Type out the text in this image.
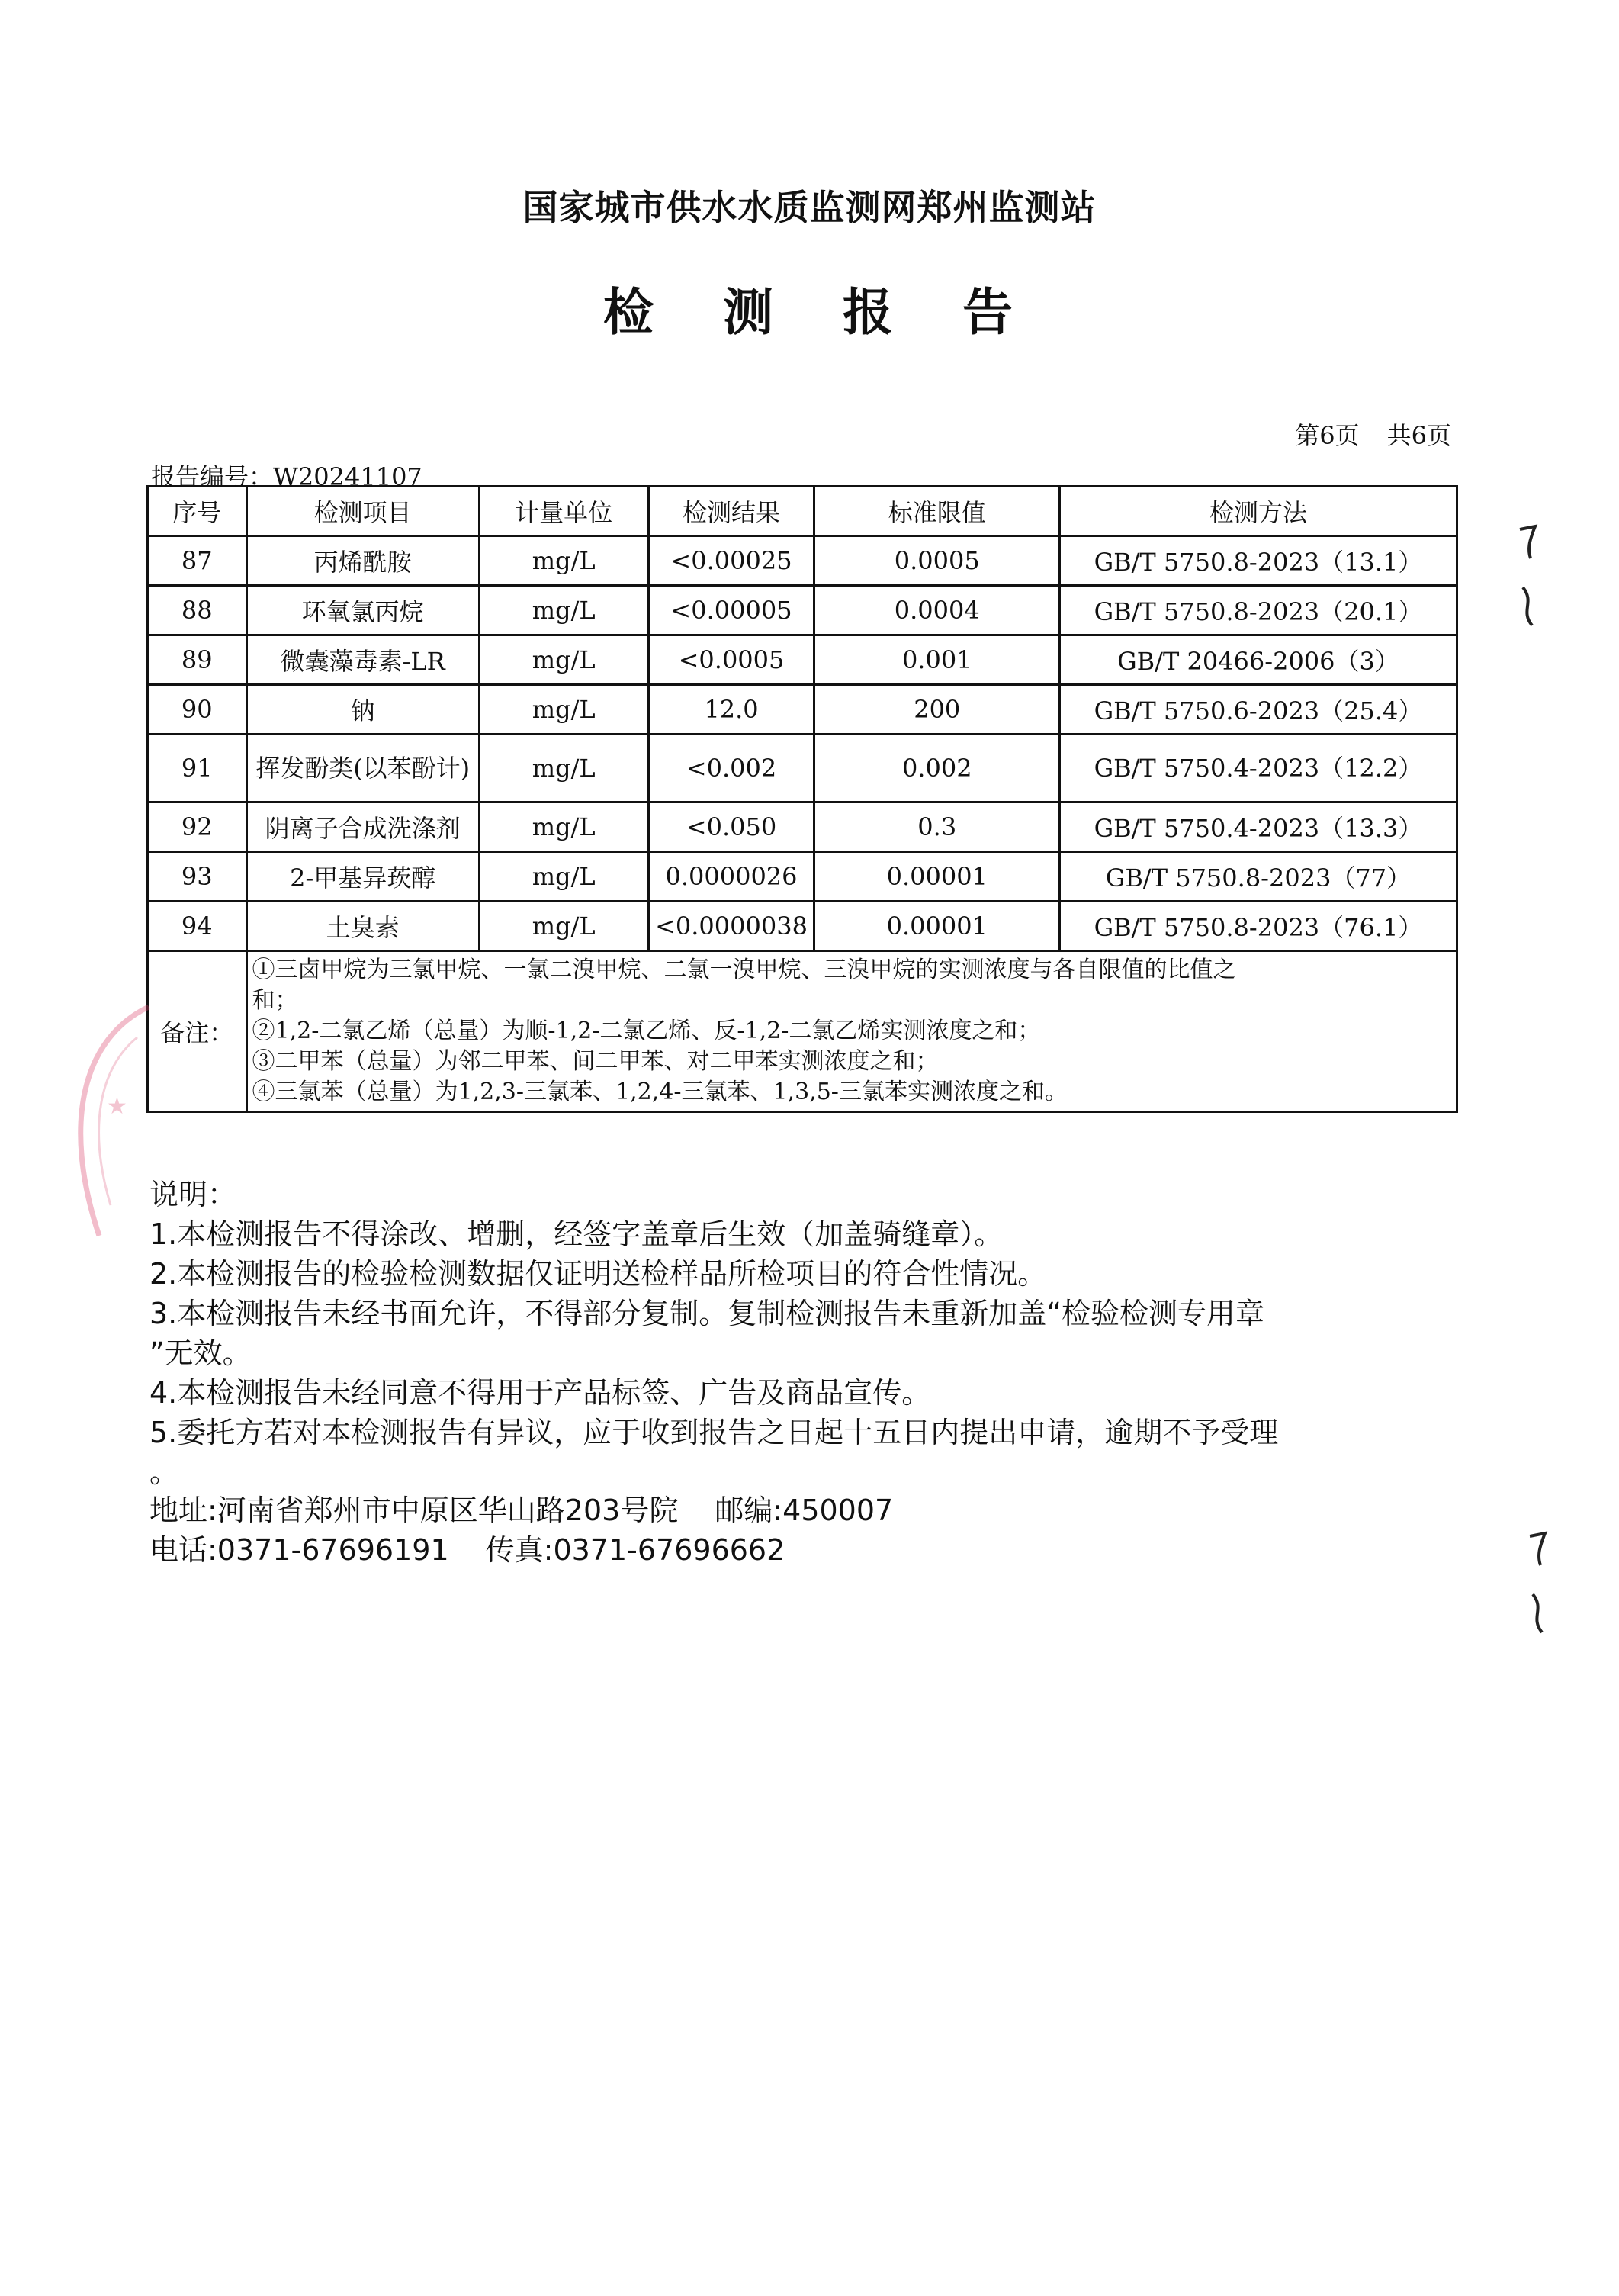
国家城市供水水质监测网郑州监测站
检 测 报 告
第6页 共6页
报告编号：W20241107
序号	检测项目	计量单位	检测结果	标准限值	检测方法
87	丙烯酰胺	mg/L	<0.00025	0.0005	GB/T 5750.8-2023（13.1）
88	环氧氯丙烷	mg/L	<0.00005	0.0004	GB/T 5750.8-2023（20.1）
89	微囊藻毒素-LR	mg/L	<0.0005	0.001	GB/T 20466-2006（3）
90	钠	mg/L	12.0	200	GB/T 5750.6-2023（25.4）
91	挥发酚类(以苯酚计)	mg/L	<0.002	0.002	GB/T 5750.4-2023（12.2）
92	阴离子合成洗涤剂	mg/L	<0.050	0.3	GB/T 5750.4-2023（13.3）
93	2-甲基异莰醇	mg/L	0.0000026	0.00001	GB/T 5750.8-2023（77）
94	土臭素	mg/L	<0.0000038	0.00001	GB/T 5750.8-2023（76.1）
备注：	①三卤甲烷为三氯甲烷、一氯二溴甲烷、二氯一溴甲烷、三溴甲烷的实测浓度与各自限值的比值之
和；
②1,2-二氯乙烯（总量）为顺-1,2-二氯乙烯、反-1,2-二氯乙烯实测浓度之和；
③二甲苯（总量）为邻二甲苯、间二甲苯、对二甲苯实测浓度之和；
④三氯苯（总量）为1,2,3-三氯苯、1,2,4-三氯苯、1,3,5-三氯苯实测浓度之和。				
★
说明：
1.本检测报告不得涂改、增删，经签字盖章后生效（加盖骑缝章）。
2.本检测报告的检验检测数据仅证明送检样品所检项目的符合性情况。
3.本检测报告未经书面允许，不得部分复制。复制检测报告未重新加盖“检验检测专用章
”无效。
4.本检测报告未经同意不得用于产品标签、广告及商品宣传。
5.委托方若对本检测报告有异议，应于收到报告之日起十五日内提出申请，逾期不予受理
。
地址:河南省郑州市中原区华山路203号院 邮编:450007
电话:0371-67696191 传真:0371-67696662
